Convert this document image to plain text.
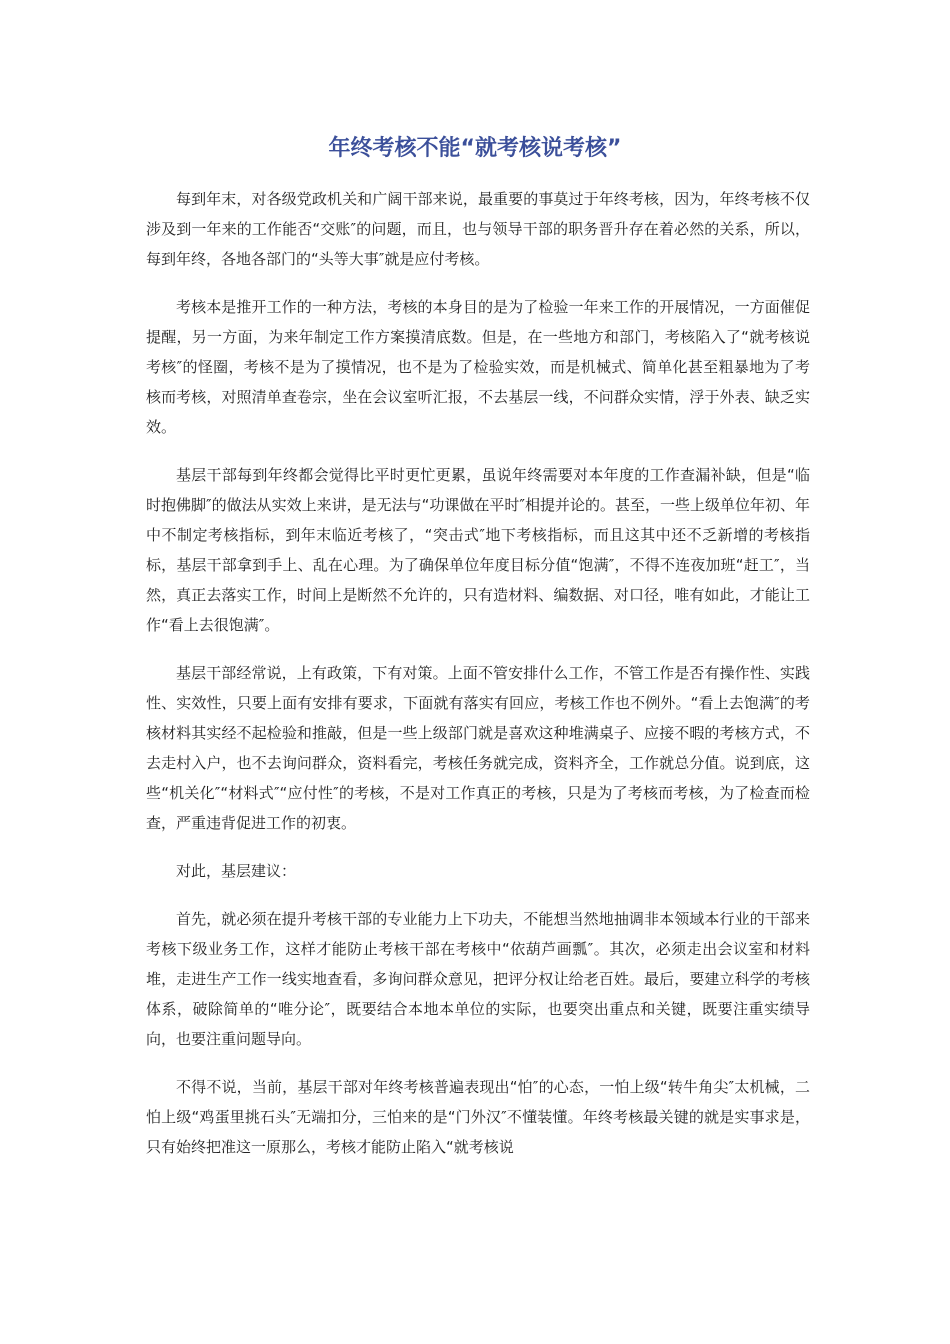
年终考核不能“就考核说考核”

每到年末，对各级党政机关和广阔干部来说，最重要的事莫过于年终考核，因为，年终考核不仅涉及到一年来的工作能否“交账″的问题，而且，也与领导干部的职务晋升存在着必然的关系，所以，每到年终，各地各部门的“头等大事″就是应付考核。

考核本是推开工作的一种方法，考核的本身目的是为了检验一年来工作的开展情况，一方面催促提醒，另一方面，为来年制定工作方案摸清底数。但是，在一些地方和部门，考核陷入了“就考核说考核″的怪圈，考核不是为了摸情况，也不是为了检验实效，而是机械式、简单化甚至粗暴地为了考核而考核，对照清单查卷宗，坐在会议室听汇报，不去基层一线，不问群众实情，浮于外表、缺乏实效。

基层干部每到年终都会觉得比平时更忙更累，虽说年终需要对本年度的工作查漏补缺，但是“临时抱佛脚″的做法从实效上来讲，是无法与“功课做在平时″相提并论的。甚至，一些上级单位年初、年中不制定考核指标，到年末临近考核了，“突击式″地下考核指标，而且这其中还不乏新增的考核指标，基层干部拿到手上、乱在心理。为了确保单位年度目标分值“饱满″，不得不连夜加班“赶工″，当然，真正去落实工作，时间上是断然不允许的，只有造材料、编数据、对口径，唯有如此，才能让工作“看上去很饱满″。

基层干部经常说，上有政策，下有对策。上面不管安排什么工作，不管工作是否有操作性、实践性、实效性，只要上面有安排有要求，下面就有落实有回应，考核工作也不例外。“看上去饱满″的考核材料其实经不起检验和推敲，但是一些上级部门就是喜欢这种堆满桌子、应接不暇的考核方式，不去走村入户，也不去询问群众，资料看完，考核任务就完成，资料齐全，工作就总分值。说到底，这些“机关化″“材料式″“应付性″的考核，不是对工作真正的考核，只是为了考核而考核，为了检查而检查，严重违背促进工作的初衷。

对此，基层建议：

首先，就必须在提升考核干部的专业能力上下功夫，不能想当然地抽调非本领域本行业的干部来考核下级业务工作，这样才能防止考核干部在考核中“依葫芦画瓢″。其次，必须走出会议室和材料堆，走进生产工作一线实地查看，多询问群众意见，把评分权让给老百姓。最后，要建立科学的考核体系，破除简单的“唯分论″，既要结合本地本单位的实际，也要突出重点和关键，既要注重实绩导向，也要注重问题导向。

不得不说，当前，基层干部对年终考核普遍表现出“怕″的心态，一怕上级“转牛角尖″太机械，二怕上级“鸡蛋里挑石头″无端扣分，三怕来的是“门外汉″不懂装懂。年终考核最关键的就是实事求是，只有始终把准这一原那么，考核才能防止陷入“就考核说
